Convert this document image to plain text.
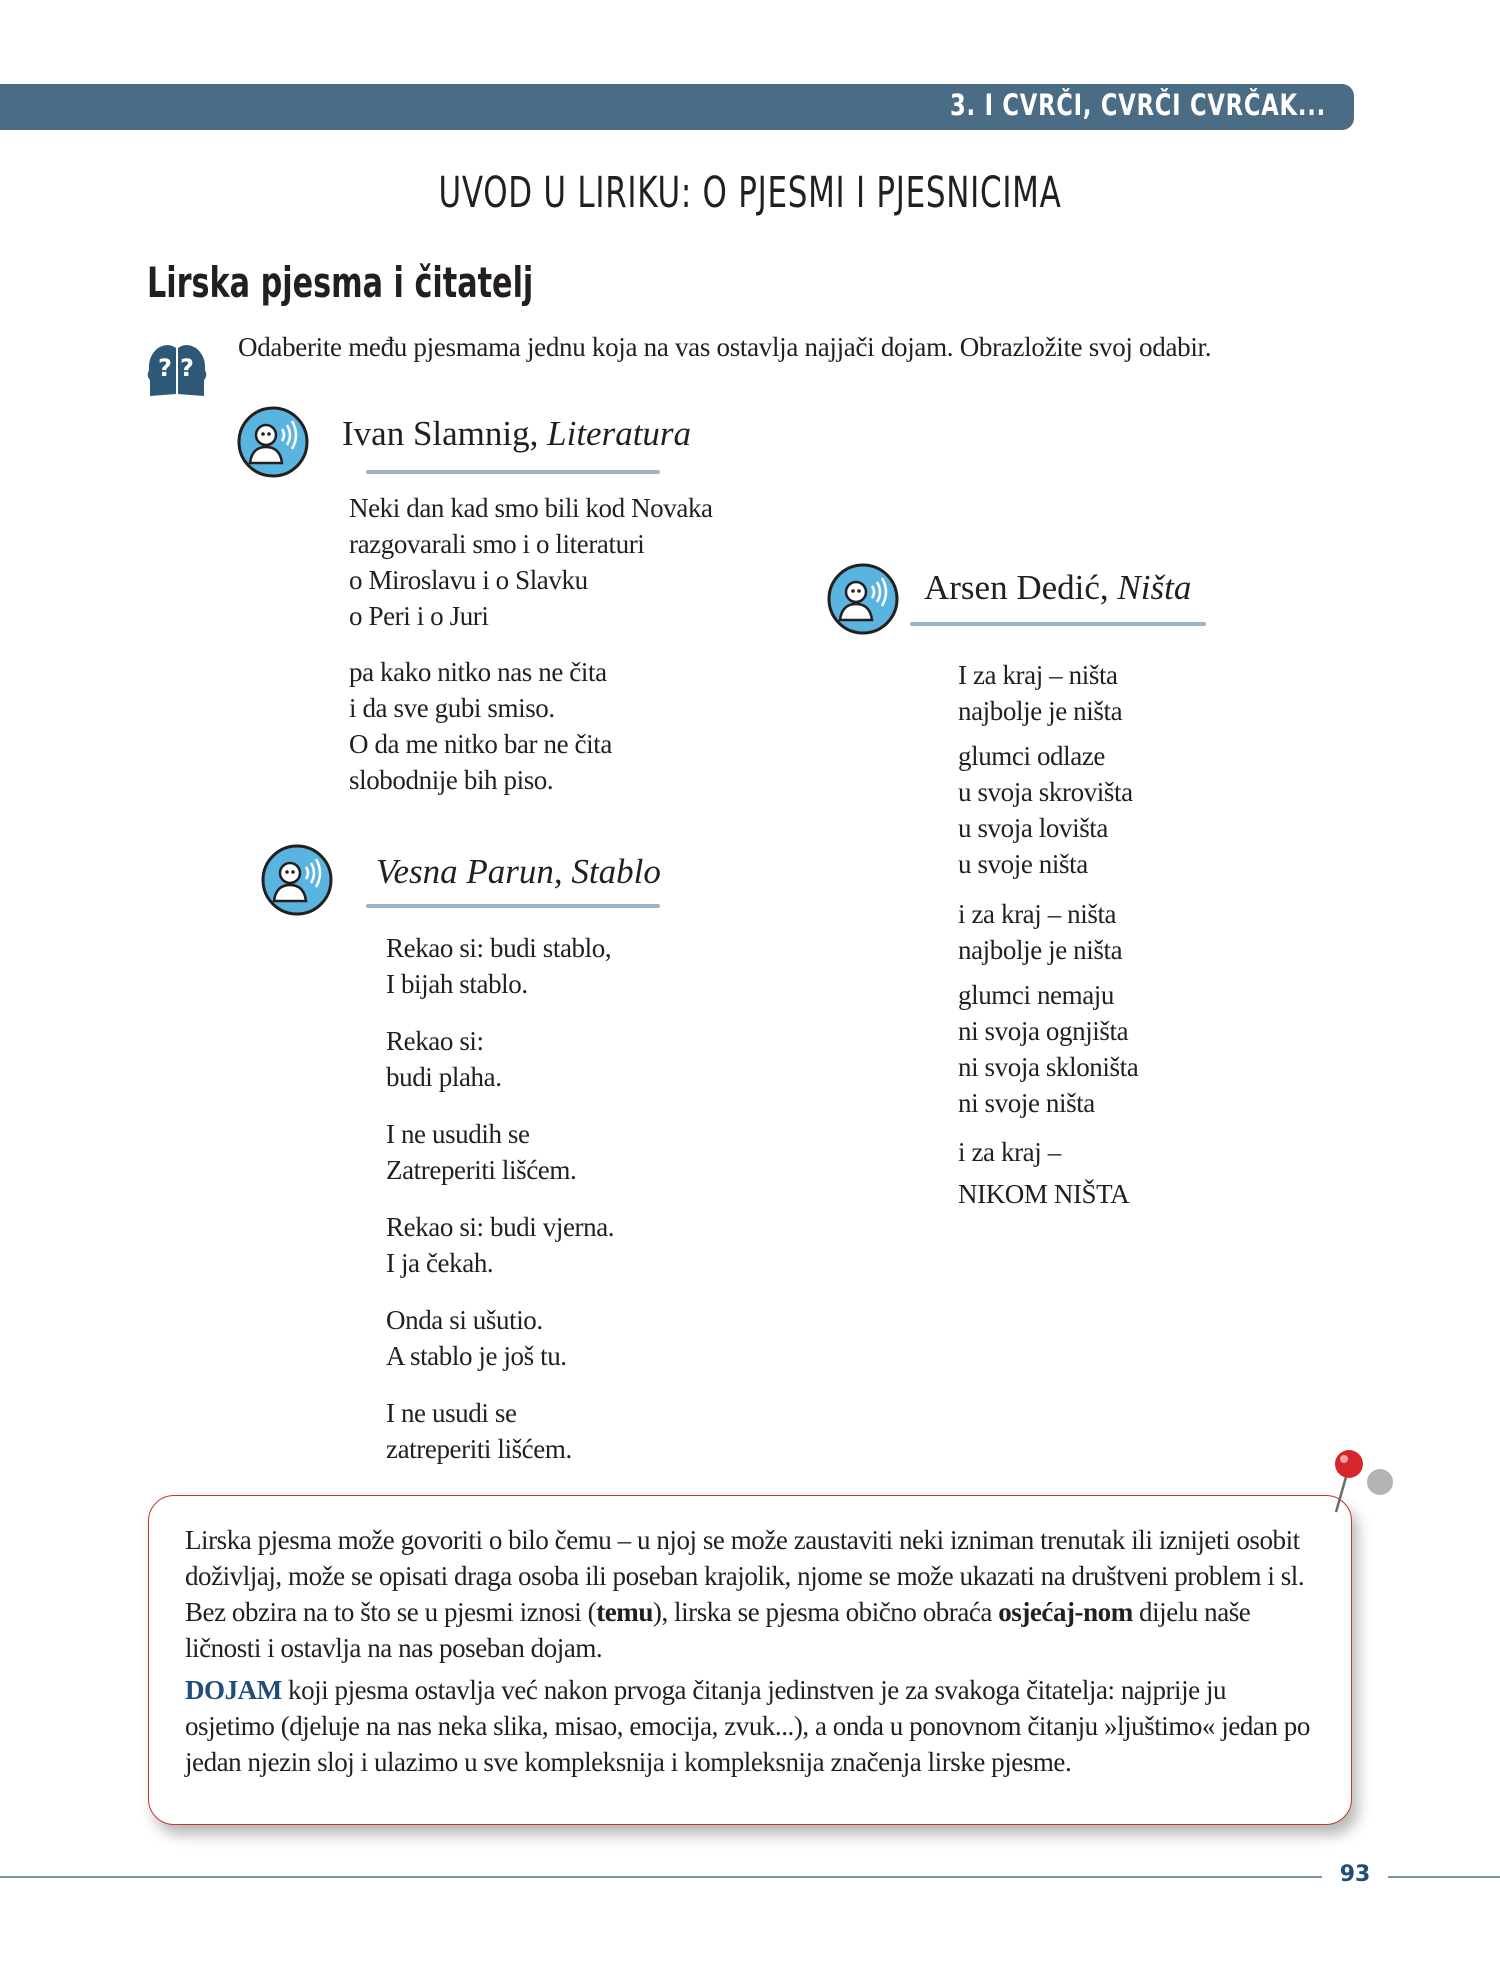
3. I CVRČI, CVRČI CVRČAK...
UVOD U LIRIKU: O PJESMI I PJESNICIMA
Lirska pjesma i čitatelj
? ?
Odaberite među pjesmama jednu koja na vas ostavlja najjači dojam. Obrazložite svoj odabir.
Ivan Slamnig, Literatura
Neki dan kad smo bili kod Novaka
razgovarali smo i o literaturi
o Miroslavu i o Slavku
o Peri i o Juri
pa kako nitko nas ne čita
i da sve gubi smiso.
O da me nitko bar ne čita
slobodnije bih piso.
Vesna Parun, Stablo
Rekao si: budi stablo,
I bijah stablo.
Rekao si:
budi plaha.
I ne usudih se
Zatreperiti lišćem.
Rekao si: budi vjerna.
I ja čekah.
Onda si ušutio.
A stablo je još tu.
I ne usudi se
zatreperiti lišćem.
Arsen Dedić, Ništa
I za kraj – ništa
najbolje je ništa
glumci odlaze
u svoja skrovišta
u svoja lovišta
u svoje ništa
i za kraj – ništa
najbolje je ništa
glumci nemaju
ni svoja ognjišta
ni svoja skloništa
ni svoje ništa
i za kraj –
NIKOM NIŠTA

Lirska pjesma može govoriti o bilo čemu – u njoj se može zaustaviti neki izniman trenutak ili iznijeti osobit doživljaj, može se opisati draga osoba ili poseban krajolik, njome se može ukazati na društveni problem i sl. Bez obzira na to što se u pjesmi iznosi (temu), lirska se pjesma obično obraća osjećaj-nom dijelu naše ličnosti i ostavlja na nas poseban dojam.

DOJAM koji pjesma ostavlja već nakon prvoga čitanja jedinstven je za svakoga čitatelja: najprije ju osjetimo (djeluje na nas neka slika, misao, emocija, zvuk...), a onda u ponovnom čitanju »ljuštimo« jedan po jedan njezin sloj i ulazimo u sve kompleksnija i kompleksnija značenja lirske pjesme.

93
